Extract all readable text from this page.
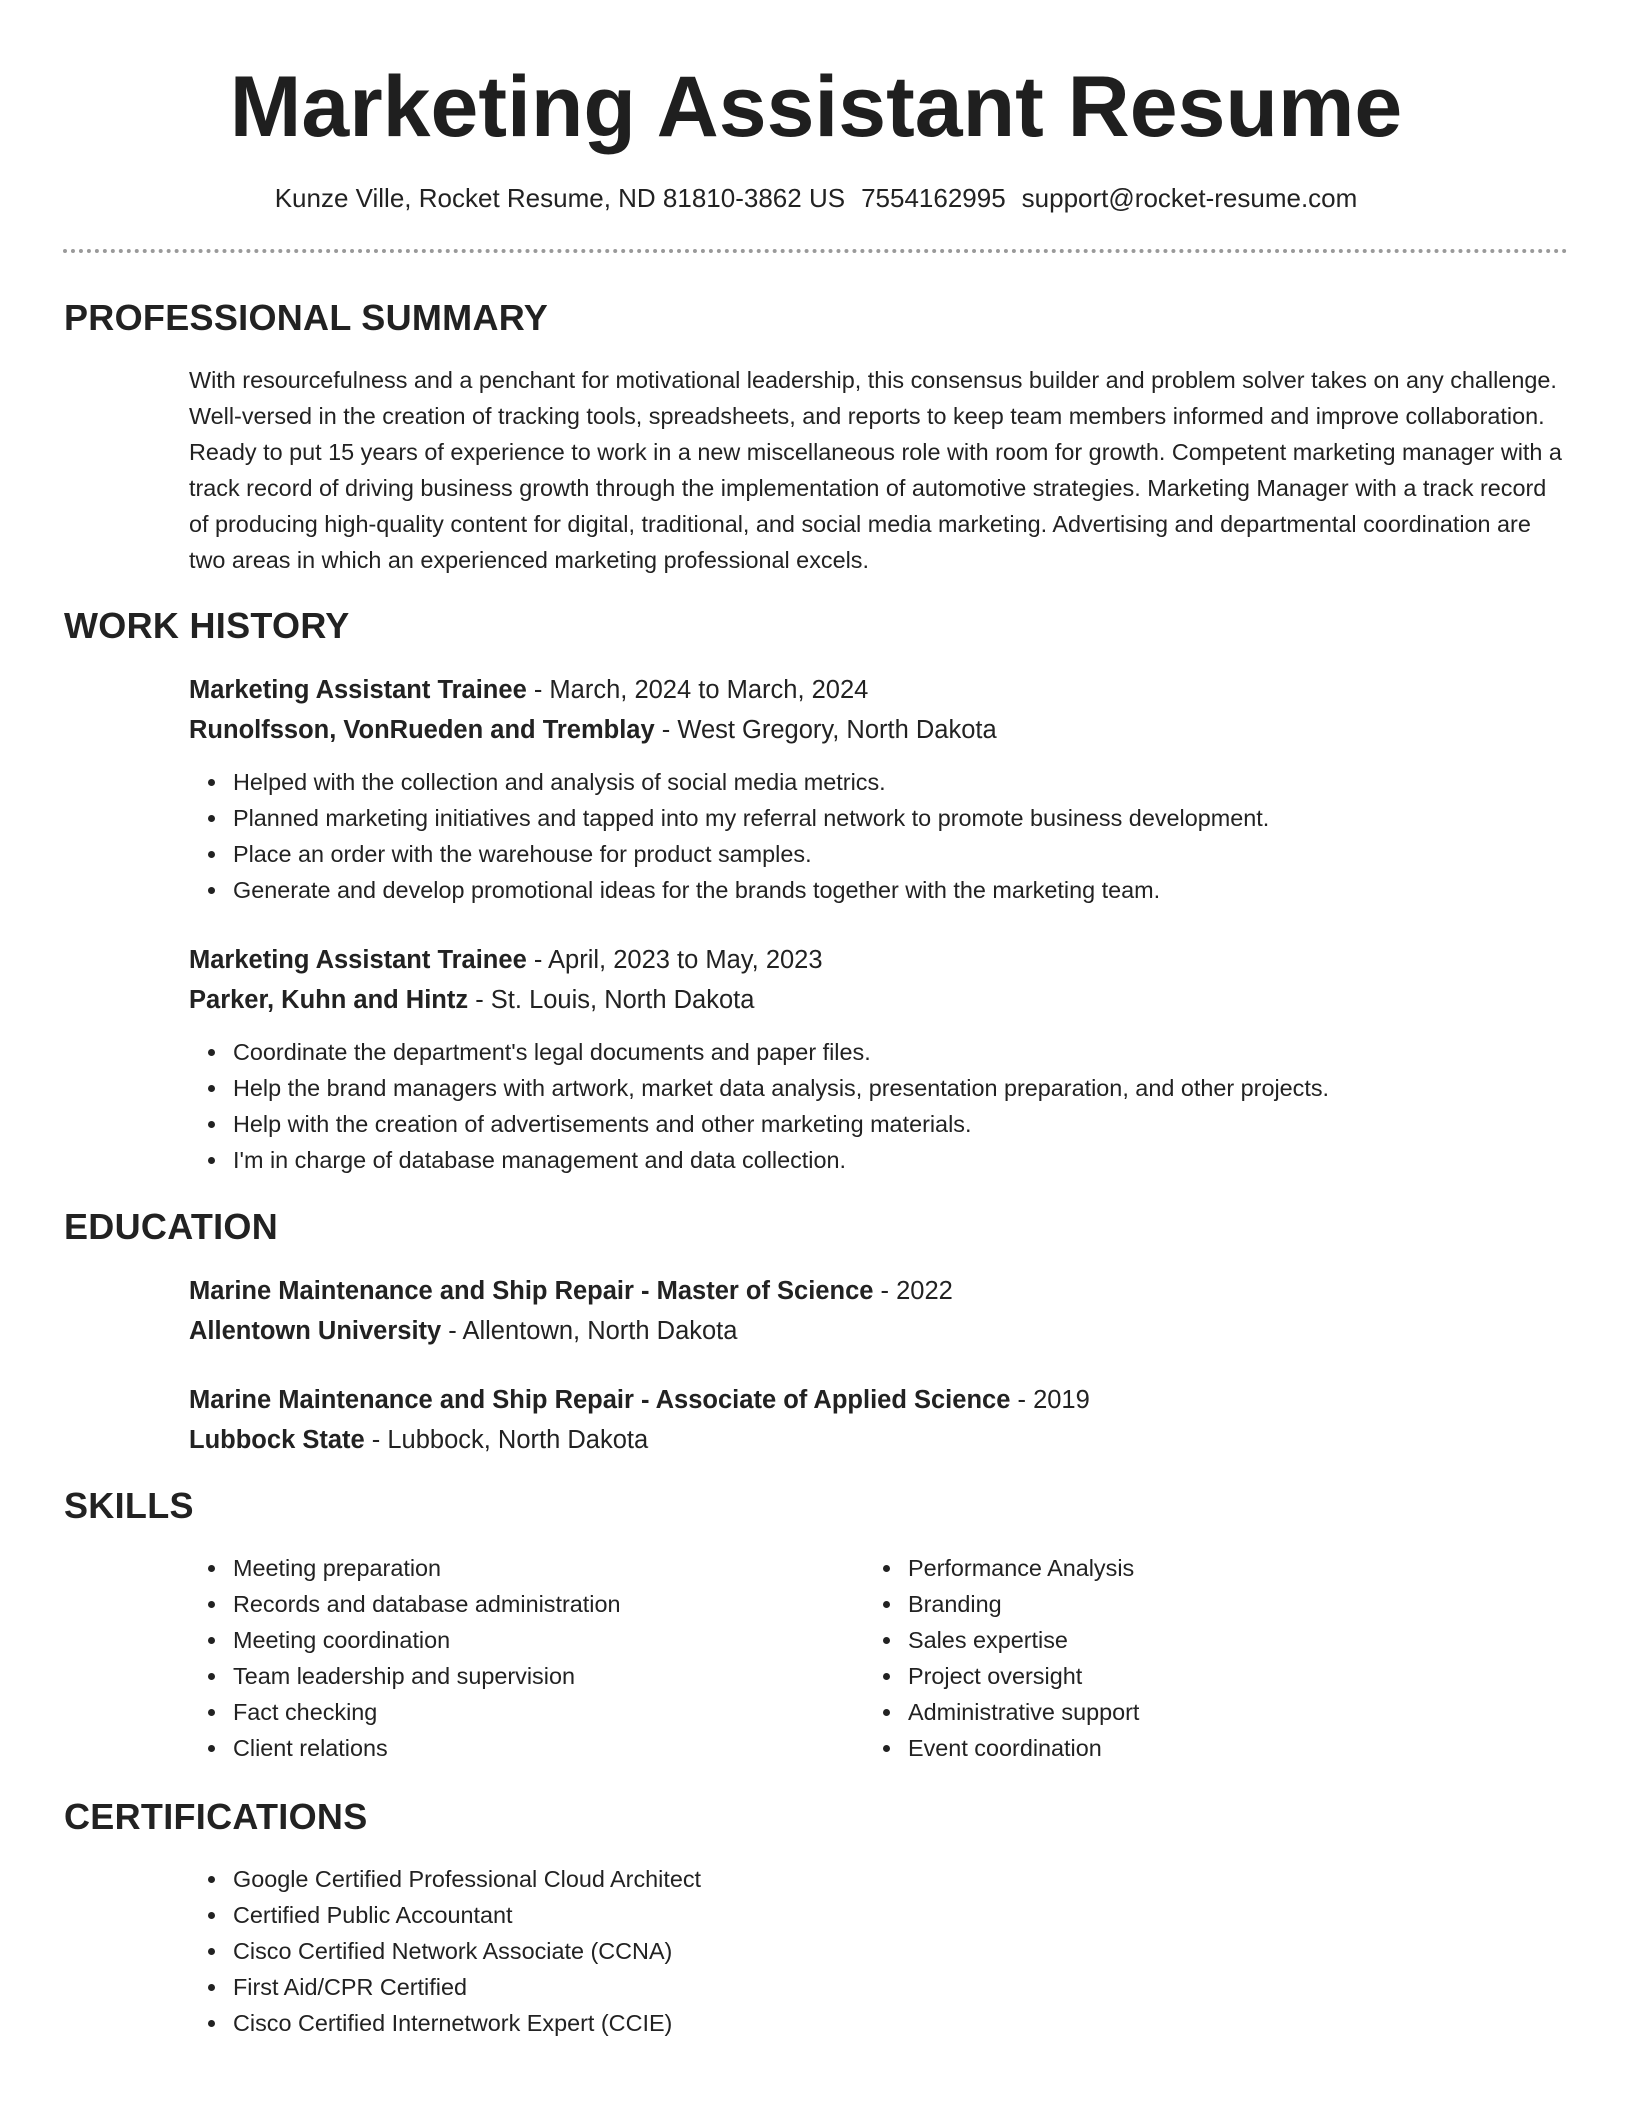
Marketing Assistant Resume
Kunze Ville, Rocket Resume, ND 81810-3862 US 7554162995 support@rocket-resume.com
PROFESSIONAL SUMMARY
With resourcefulness and a penchant for motivational leadership, this consensus builder and problem solver takes on any challenge. Well-versed in the creation of tracking tools, spreadsheets, and reports to keep team members informed and improve collaboration. Ready to put 15 years of experience to work in a new miscellaneous role with room for growth. Competent marketing manager with a track record of driving business growth through the implementation of automotive strategies. Marketing Manager with a track record of producing high-quality content for digital, traditional, and social media marketing. Advertising and departmental coordination are two areas in which an experienced marketing professional excels.
WORK HISTORY
Marketing Assistant Trainee - March, 2024 to March, 2024
Runolfsson, VonRueden and Tremblay - West Gregory, North Dakota
Helped with the collection and analysis of social media metrics.
Planned marketing initiatives and tapped into my referral network to promote business development.
Place an order with the warehouse for product samples.
Generate and develop promotional ideas for the brands together with the marketing team.
Marketing Assistant Trainee - April, 2023 to May, 2023
Parker, Kuhn and Hintz - St. Louis, North Dakota
Coordinate the department's legal documents and paper files.
Help the brand managers with artwork, market data analysis, presentation preparation, and other projects.
Help with the creation of advertisements and other marketing materials.
I'm in charge of database management and data collection.
EDUCATION
Marine Maintenance and Ship Repair - Master of Science - 2022
Allentown University - Allentown, North Dakota
Marine Maintenance and Ship Repair - Associate of Applied Science - 2019
Lubbock State - Lubbock, North Dakota
SKILLS
Meeting preparation
Records and database administration
Meeting coordination
Team leadership and supervision
Fact checking
Client relations
Performance Analysis
Branding
Sales expertise
Project oversight
Administrative support
Event coordination
CERTIFICATIONS
Google Certified Professional Cloud Architect
Certified Public Accountant
Cisco Certified Network Associate (CCNA)
First Aid/CPR Certified
Cisco Certified Internetwork Expert (CCIE)
